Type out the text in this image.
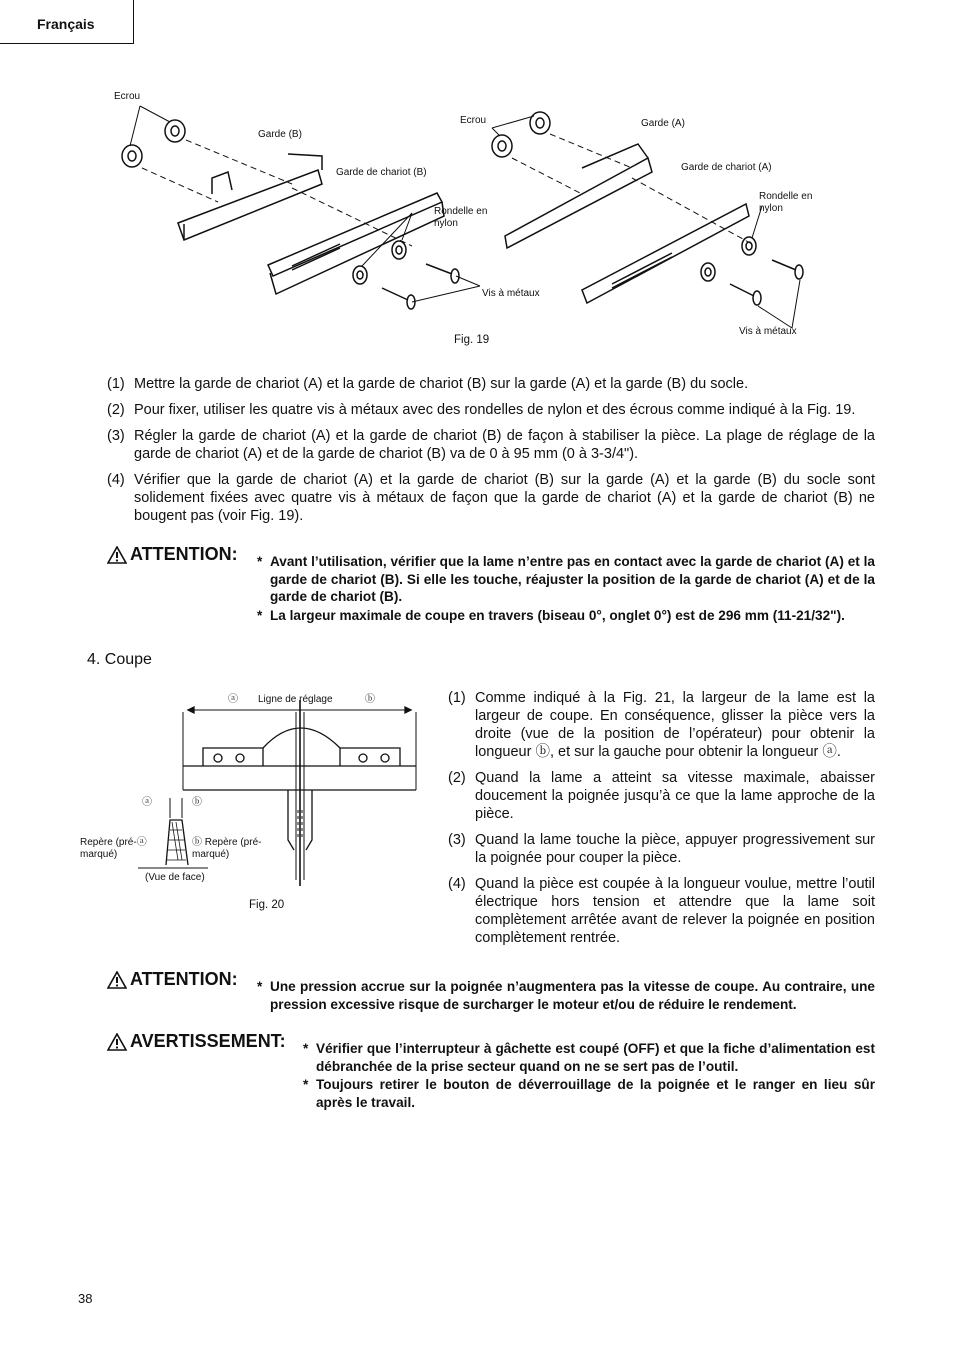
Français
Ecrou
Garde (B)
Garde de chariot (B)
Rondelle en
nylon
Vis à métaux
Ecrou	Garde (A)
Garde de chariot (A)
Rondelle en
nylon
Vis à métaux
Fig. 19
(1) Mettre la garde de chariot (A) et la garde de chariot (B) sur la garde (A) et la garde (B) du socle.
(2) Pour fixer, utiliser les quatre vis à métaux avec des rondelles de nylon et des écrous comme indiqué à la Fig. 19.
(3) Régler la garde de chariot (A) et la garde de chariot (B) de façon à stabiliser la pièce. La plage de réglage de la garde de chariot (A) et de la garde de chariot (B) va de 0 à 95 mm (0 à 3-3/4").
(4) Vérifier que la garde de chariot (A) et la garde de chariot (B) sur la garde (A) et la garde (B) du socle sont solidement fixées avec quatre vis à métaux de façon que la garde de chariot (A) et la garde de chariot (B) ne bougent pas (voir Fig. 19).
ATTENTION: * Avant l’utilisation, vérifier que la lame n’entre pas en contact avec la garde de chariot (A) et la garde de chariot (B). Si elle les touche, réajuster la position de la garde de chariot (A) et de la garde de chariot (B).
* La largeur maximale de coupe en travers (biseau 0°, onglet 0°) est de 296 mm (11-21/32").
4. Coupe
ⓐ Ligne de réglage	ⓑ
ⓐ	ⓑ
Repère (pré-ⓐ
marqué)
ⓑ Repère (pré-
marqué)
(Vue de face)
Fig. 20
(1) Comme indiqué à la Fig. 21, la largeur de la lame est la largeur de coupe. En conséquence, glisser la pièce vers la droite (vue de la position de l’opérateur) pour obtenir la longueur ⓑ, et sur la gauche pour obtenir la longueur ⓐ.
(2) Quand la lame a atteint sa vitesse maximale, abaisser doucement la poignée jusqu’à ce que la lame approche de la pièce.
(3) Quand la lame touche la pièce, appuyer progressivement sur la poignée pour couper la pièce.
(4) Quand la pièce est coupée à la longueur voulue, mettre l’outil électrique hors tension et attendre que la lame soit complètement arrêtée avant de relever la poignée en position complètement rentrée.
ATTENTION: * Une pression accrue sur la poignée n’augmentera pas la vitesse de coupe. Au contraire, une pression excessive risque de surcharger le moteur et/ou de réduire le rendement.
AVERTISSEMENT: * Vérifier que l’interrupteur à gâchette est coupé (OFF) et que la fiche d’alimentation est débranchée de la prise secteur quand on ne se sert pas de l’outil.
* Toujours retirer le bouton de déverrouillage de la poignée et le ranger en lieu sûr après le travail.
38
